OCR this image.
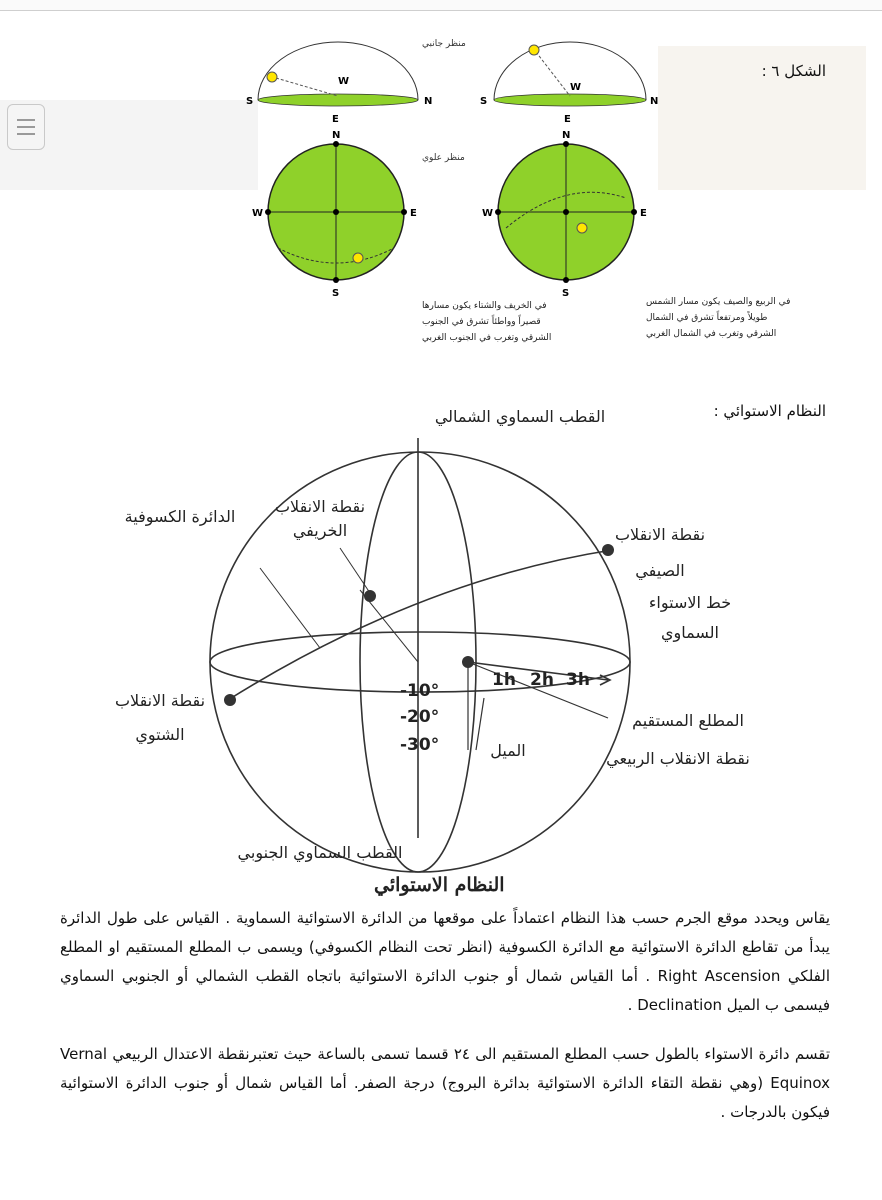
الشكل ٦ :
منظر جانبي
منظر علوي
S	N
W
E
S	N
W
E
N
S
W	E
N
S
W	E
في الخريف والشتاء يكون مسارها
قصيراً وواطئاً تشرق في الجنوب
الشرقي وتغرب في الجنوب الغربي
في الربيع والصيف يكون مسار الشمس
طويلاً ومرتفعاً تشرق في الشمال
الشرقي وتغرب في الشمال الغربي
النظام الاستوائي :
القطب السماوي الشمالي
القطب السماوي الجنوبي
الدائرة الكسوفية
نقطة الانقلاب
الخريفي	نقطة الانقلاب
الصيفي
نقطة الانقلاب
الشتوي
خط الاستواء
السماوي
المطلع المستقيم
نقطة الانقلاب الربيعي
الميل
1h 2h 3h
-10°
-20°
-30°
النظام الاستوائي
يقاس ويحدد موقع الجرم حسب هذا النظام اعتماداً على موقعها من الدائرة الاستوائية السماوية . القياس على طول الدائرة يبدأ من تقاطع الدائرة الاستوائية مع الدائرة الكسوفية (انظر تحت النظام الكسوفي) ويسمى ب المطلع المستقيم او المطلع الفلكي Right Ascension . أما القياس شمال أو جنوب الدائرة الاستوائية باتجاه القطب الشمالي أو الجنوبي السماوي فيسمى ب الميل Declination .
تقسم دائرة الاستواء بالطول حسب المطلع المستقيم الى ٢٤ قسما تسمى بالساعة حيث تعتبرنقطة الاعتدال الربيعي Vernal Equinox (وهي نقطة التقاء الدائرة الاستوائية بدائرة البروج) درجة الصفر. أما القياس شمال أو جنوب الدائرة الاستوائية فيكون بالدرجات .
